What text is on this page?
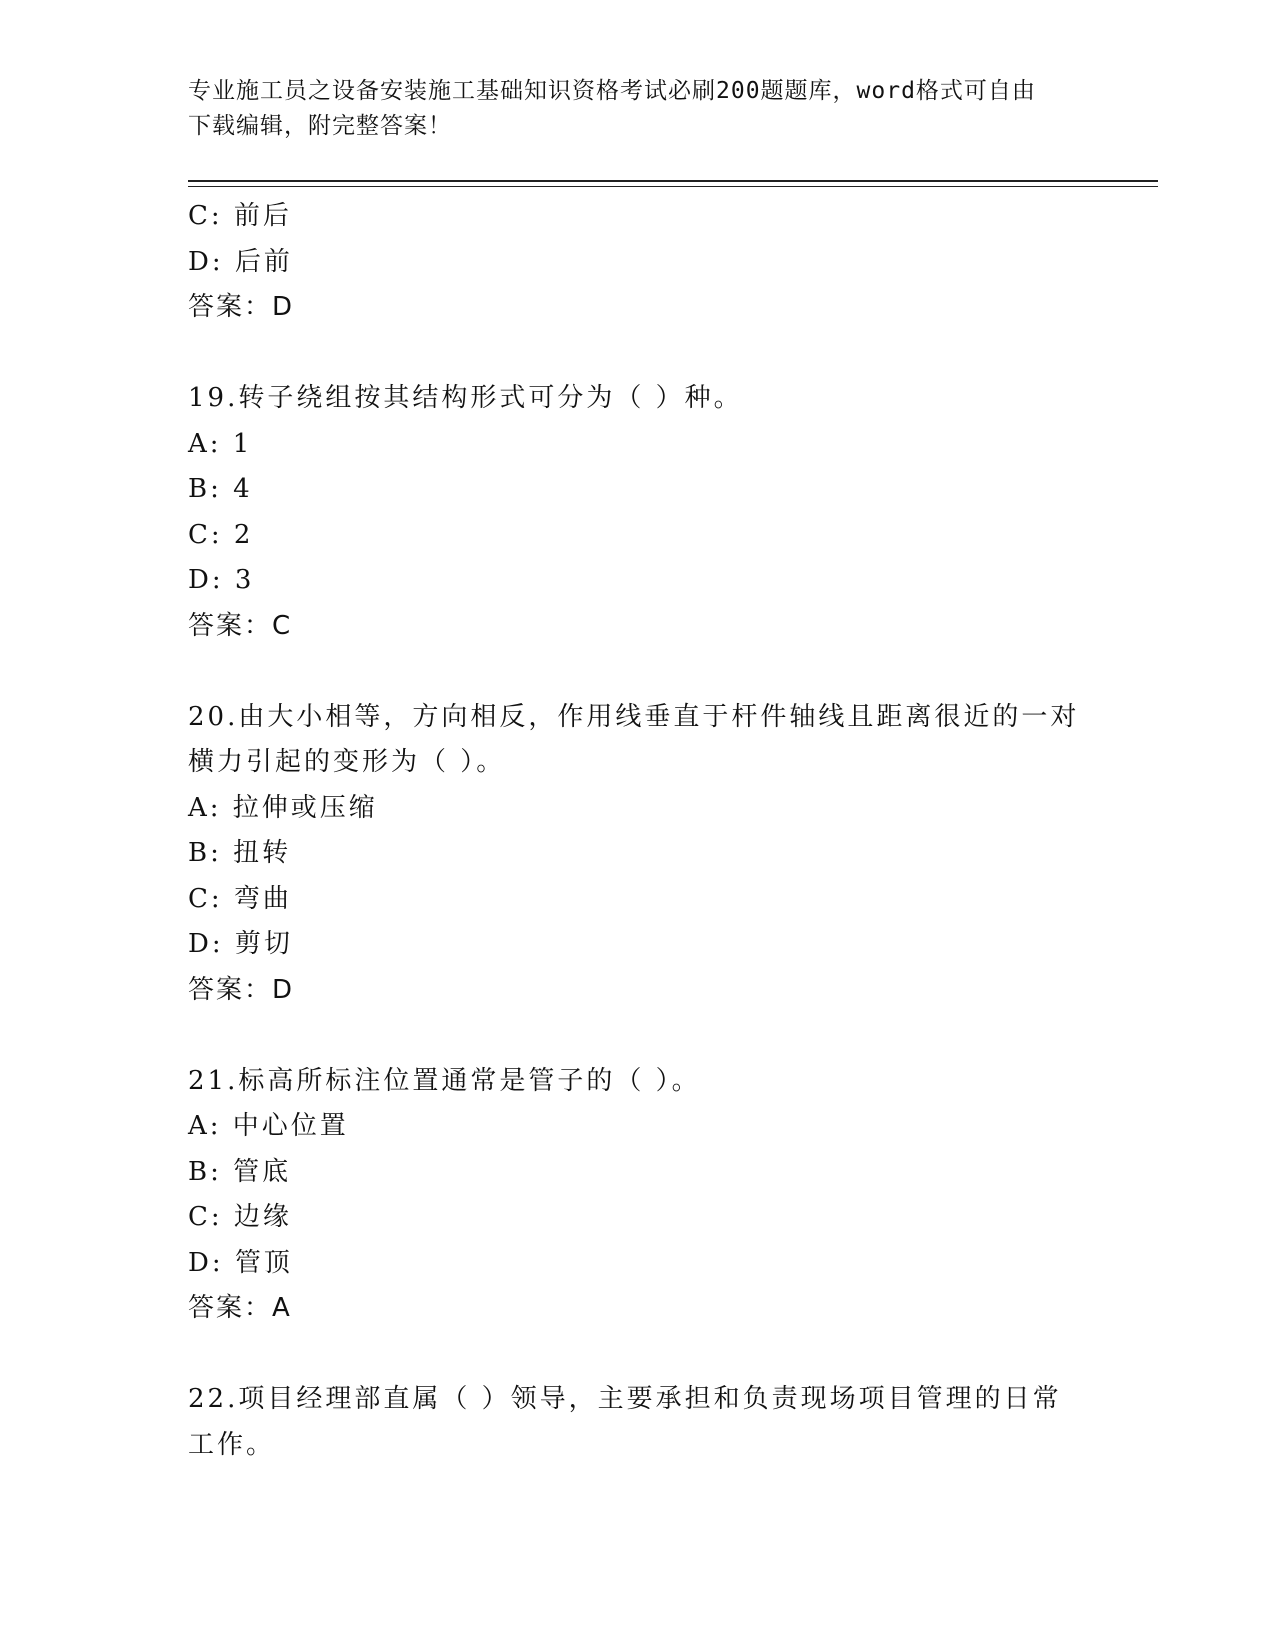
专业施工员之设备安装施工基础知识资格考试必刷200题题库，word格式可自由
下载编辑，附完整答案！
C: 前后
D: 后前
答案：D
19.转子绕组按其结构形式可分为（ ）种。
A: 1
B: 4
C: 2
D: 3
答案：C
20.由大小相等，方向相反，作用线垂直于杆件轴线且距离很近的一对
横力引起的变形为（ ）。
A: 拉伸或压缩
B: 扭转
C: 弯曲
D: 剪切
答案：D
21.标高所标注位置通常是管子的（ ）。
A: 中心位置
B: 管底
C: 边缘
D: 管顶
答案：A
22.项目经理部直属（ ）领导，主要承担和负责现场项目管理的日常
工作。
